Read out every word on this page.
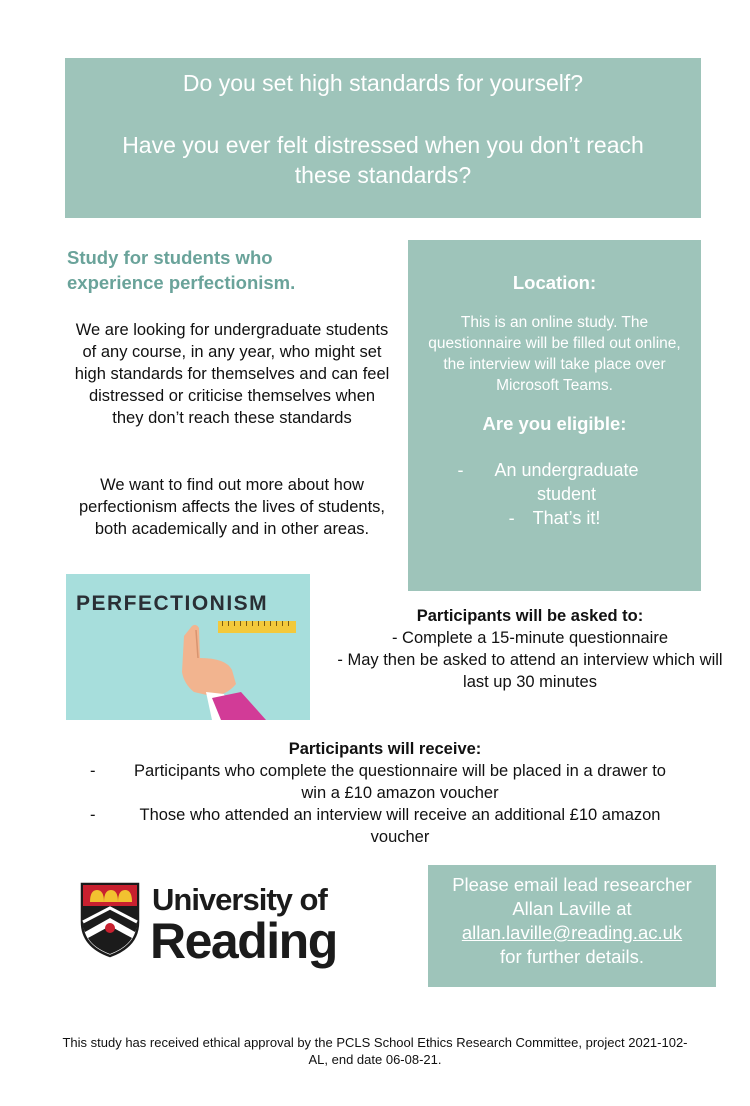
Do you set high standards for yourself?
Have you ever felt distressed when you don’t reach these standards?
Study for students who experience perfectionism.
We are looking for undergraduate students of any course, in any year, who might set high standards for themselves and can feel distressed or criticise themselves when they don’t reach these standards
We want to find out more about how perfectionism affects the lives of students, both academically and in other areas.
Location:
This is an online study. The questionnaire will be filled out online, the interview will take place over Microsoft Teams.
Are you eligible:
-	An undergraduate student
- That’s it!
PERFECTIONISM
Participants will be asked to:
- Complete a 15-minute questionnaire
- May then be asked to attend an interview which will last up 30 minutes
Participants will receive:
-	Participants who complete the questionnaire will be placed in a drawer to win a £10 amazon voucher
-	Those who attended an interview will receive an additional £10 amazon voucher
University of
Reading
Please email lead researcher Allan Laville at
allan.laville@reading.ac.uk
for further details.
This study has received ethical approval by the PCLS School Ethics Research Committee, project 2021-102-AL, end date 06-08-21.
